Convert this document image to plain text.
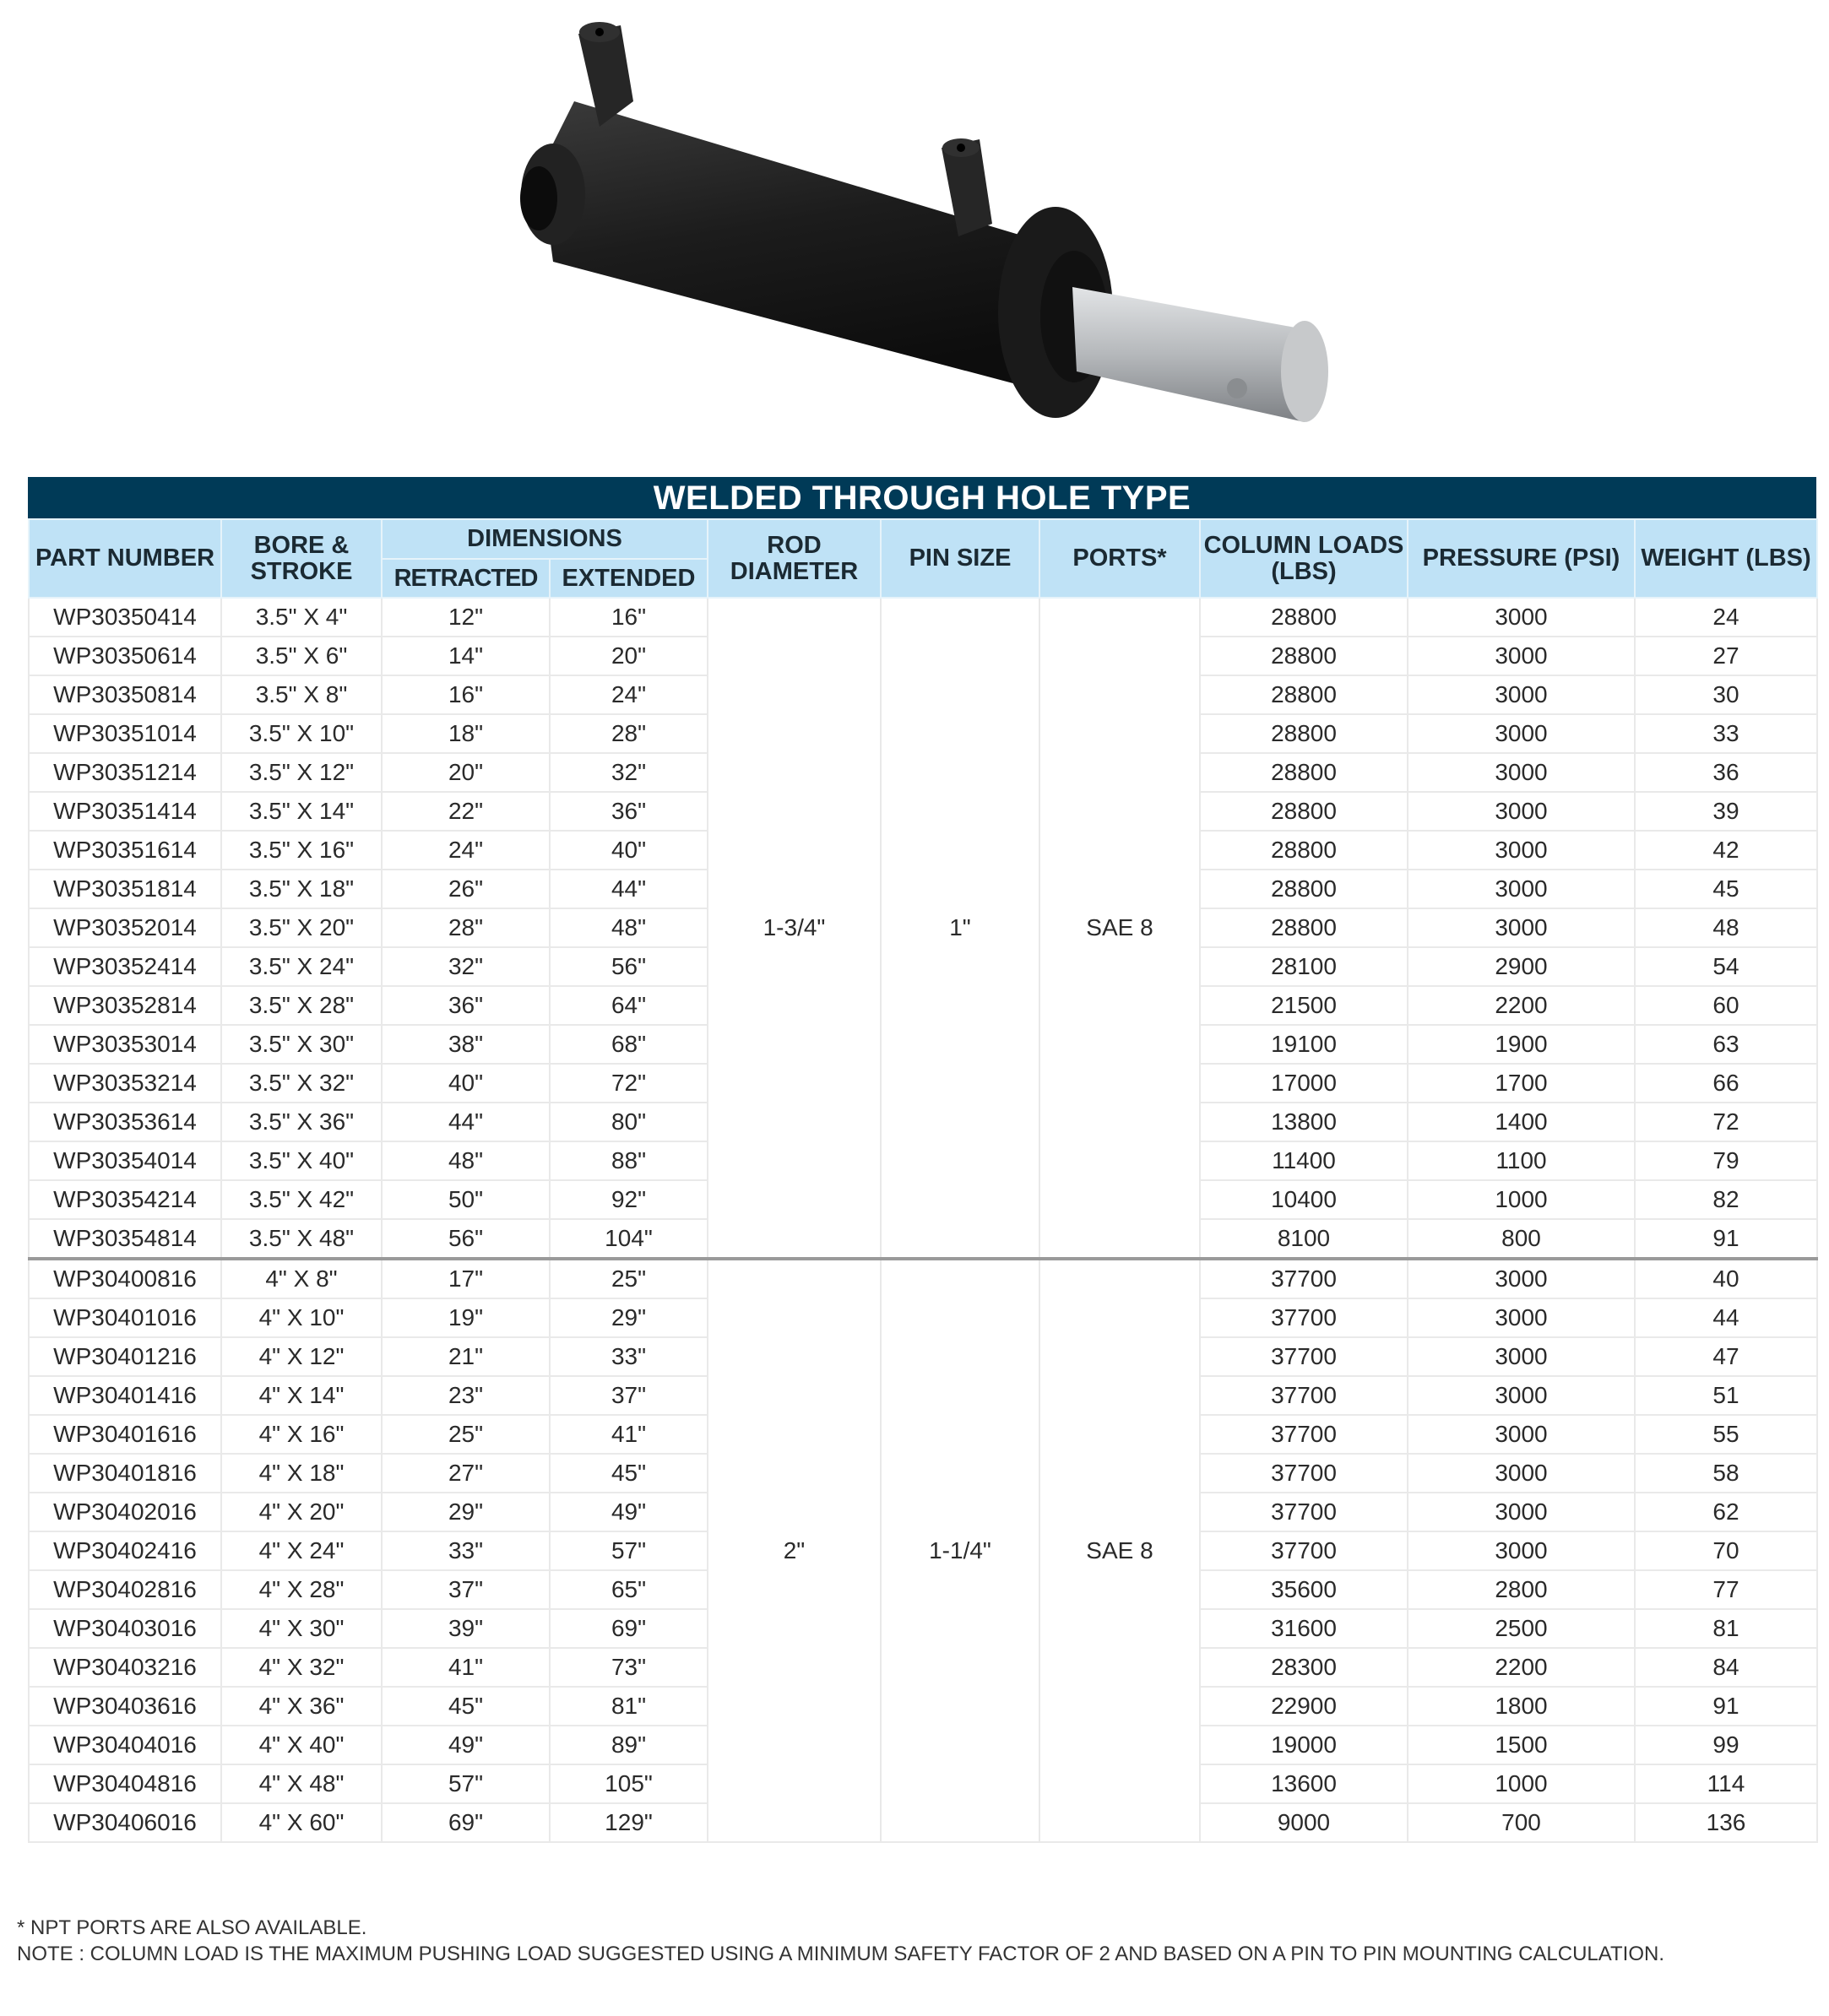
WELDED THROUGH HOLE TYPE
PART NUMBER	BORE & STROKE	DIMENSIONS		ROD DIAMETER	PIN SIZE	PORTS*	COLUMN LOADS (LBS)	PRESSURE (PSI)	WEIGHT (LBS)
		RETRACTED	EXTENDED						
WP30350414	3.5" X 4"	12"	16"	1-3/4"	1"	SAE 8	28800	3000	24
WP30350614	3.5" X 6"	14"	20"				28800	3000	27
WP30350814	3.5" X 8"	16"	24"				28800	3000	30
WP30351014	3.5" X 10"	18"	28"				28800	3000	33
WP30351214	3.5" X 12"	20"	32"				28800	3000	36
WP30351414	3.5" X 14"	22"	36"				28800	3000	39
WP30351614	3.5" X 16"	24"	40"				28800	3000	42
WP30351814	3.5" X 18"	26"	44"				28800	3000	45
WP30352014	3.5" X 20"	28"	48"				28800	3000	48
WP30352414	3.5" X 24"	32"	56"				28100	2900	54
WP30352814	3.5" X 28"	36"	64"				21500	2200	60
WP30353014	3.5" X 30"	38"	68"				19100	1900	63
WP30353214	3.5" X 32"	40"	72"				17000	1700	66
WP30353614	3.5" X 36"	44"	80"				13800	1400	72
WP30354014	3.5" X 40"	48"	88"				11400	1100	79
WP30354214	3.5" X 42"	50"	92"				10400	1000	82
WP30354814	3.5" X 48"	56"	104"				8100	800	91
WP30400816	4" X 8"	17"	25"	2"	1-1/4"	SAE 8	37700	3000	40
WP30401016	4" X 10"	19"	29"				37700	3000	44
WP30401216	4" X 12"	21"	33"				37700	3000	47
WP30401416	4" X 14"	23"	37"				37700	3000	51
WP30401616	4" X 16"	25"	41"				37700	3000	55
WP30401816	4" X 18"	27"	45"				37700	3000	58
WP30402016	4" X 20"	29"	49"				37700	3000	62
WP30402416	4" X 24"	33"	57"				37700	3000	70
WP30402816	4" X 28"	37"	65"				35600	2800	77
WP30403016	4" X 30"	39"	69"				31600	2500	81
WP30403216	4" X 32"	41"	73"				28300	2200	84
WP30403616	4" X 36"	45"	81"				22900	1800	91
WP30404016	4" X 40"	49"	89"				19000	1500	99
WP30404816	4" X 48"	57"	105"				13600	1000	114
WP30406016	4" X 60"	69"	129"				9000	700	136
* NPT PORTS ARE ALSO AVAILABLE.
NOTE : COLUMN LOAD IS THE MAXIMUM PUSHING LOAD SUGGESTED USING A MINIMUM SAFETY FACTOR OF 2 AND BASED ON A PIN TO PIN MOUNTING CALCULATION.
